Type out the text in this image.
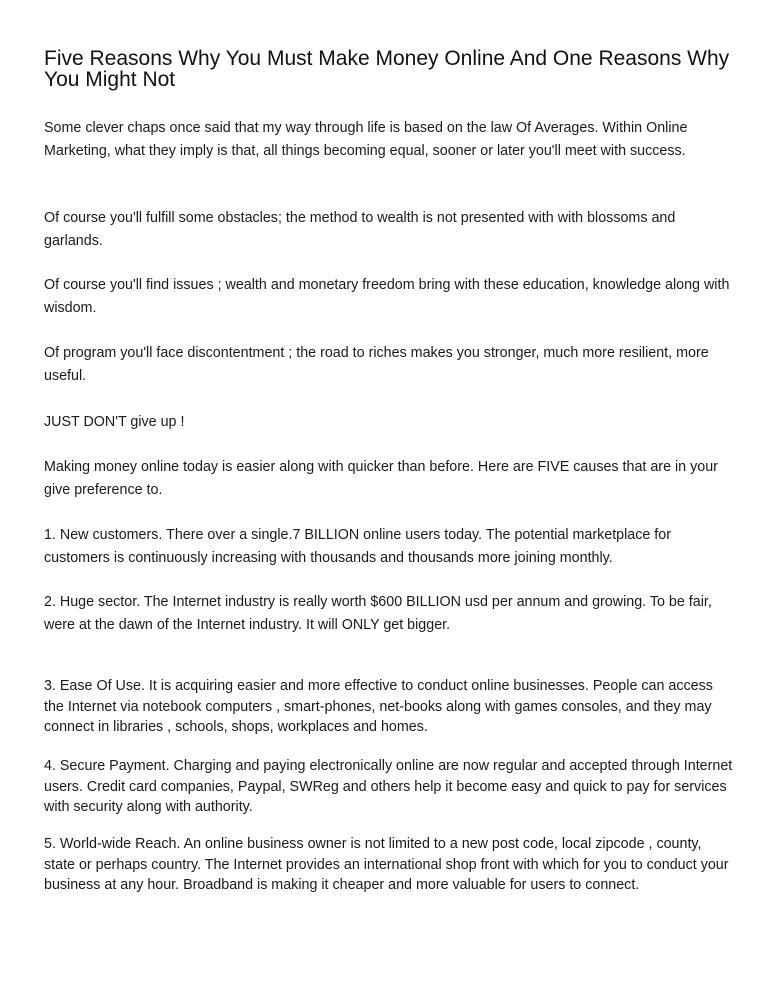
Five Reasons Why You Must Make Money Online And One Reasons Why You Might Not

Some clever chaps once said that my way through life is based on the law Of Averages. Within Online Marketing, what they imply is that, all things becoming equal, sooner or later you'll meet with success.

Of course you'll fulfill some obstacles; the method to wealth is not presented with with blossoms and garlands.

Of course you'll find issues ; wealth and monetary freedom bring with these education, knowledge along with wisdom.

Of program you'll face discontentment ; the road to riches makes you stronger, much more resilient, more useful.

JUST DON'T give up !

Making money online today is easier along with quicker than before. Here are FIVE causes that are in your give preference to.

1. New customers. There over a single.7 BILLION online users today. The potential marketplace for customers is continuously increasing with thousands and thousands more joining monthly.

2. Huge sector. The Internet industry is really worth $600 BILLION usd per annum and growing. To be fair, were at the dawn of the Internet industry. It will ONLY get bigger.

3. Ease Of Use. It is acquiring easier and more effective to conduct online businesses. People can access the Internet via notebook computers , smart-phones, net-books along with games consoles, and they may connect in libraries , schools, shops, workplaces and homes.

4. Secure Payment. Charging and paying electronically online are now regular and accepted through Internet users. Credit card companies, Paypal, SWReg and others help it become easy and quick to pay for services with security along with authority.

5. World-wide Reach. An online business owner is not limited to a new post code, local zipcode , county, state or perhaps country. The Internet provides an international shop front with which for you to conduct your business at any hour. Broadband is making it cheaper and more valuable for users to connect.
